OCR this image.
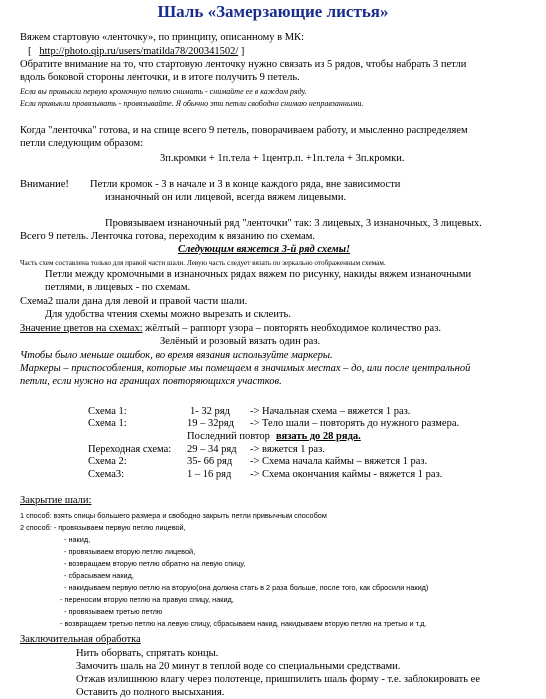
Шаль «Замерзающие листья»
Вяжем стартовую «ленточку», по принципу, описанному в МК:
[ http://photo.qip.ru/users/matilda78/200341502/ ]
Обратите внимание на то, что стартовую ленточку нужно связать из 5 рядов, чтобы набрать 3 петли
вдоль боковой стороны ленточки, и в итоге получить 9 петель.
Если вы привыкли первую кромочную петлю снимать - снимайте ее в каждом ряду.
Если привыкли провязывать - провязывайте. Я обычно эти петли свободно снимаю неправзанными.
Когда "ленточка" готова, и на спице всего 9 петель, поворачиваем работу, и мысленно распределяем
петли следующим образом:
3п.кромки + 1п.тела + 1центр.п. +1п.тела + 3п.кромки.
Внимание! Петли кромок - 3 в начале и 3 в конце каждого ряда, вне зависимости
изнаночный он или лицевой, всегда вяжем лицевыми.
Провязываем изнаночный ряд "ленточки" так: 3 лицевых, 3 изнаночных, 3 лицевых.
Всего 9 петель. Ленточка готова, переходим к вязанию по схемам.
Следующим вяжется 3-й ряд схемы!
Часть схем составлена только для правой части шали. Левую часть следует вязать по зеркально отображенным схемам.
Петли между кромочными в изнаночных рядах вяжем по рисунку, накиды вяжем изнаночными
петлями, в лицевых - по схемам.
Схема2 шали дана для левой и правой части шали.
Для удобства чтения схемы можно вырезать и склеить.
Значение цветов на схемах: жёлтый – раппорт узора – повторять необходимое количество раз.
Зелёный и розовый вязать один раз.
Чтобы было меньше ошибок, во время вязания используйте маркеры.
Маркеры – приспособления, которые мы помещаем в значимых местах – до, или после центральной
петли, если нужно на границах повторяющихся участков.
Схема 1:	1- 32 ряд -> Начальная схема – вяжется 1 раз.
Схема 1:	19 – 32ряд -> Тело шали – повторять до нужного размера.
Последний повтор вязать до 28 ряда.
Переходная схема: 29 – 34 ряд -> вяжется 1 раз.
Схема 2:	35- 66 ряд -> Схема начала каймы – вяжется 1 раз.
Схема3:	1 – 16 ряд -> Схема окончания каймы - вяжется 1 раз.
Закрытие шали:
1 способ: взять спицы большего размера и свободно закрыть петли привычным способом
2 способ: - провязываем первую петлю лицевой,
- накид,
- провязываем вторую петлю лицевой,
- возвращаем вторую петлю обратно на левую спицу,
- сбрасываем накид,
- накидываем первую петлю на вторую(она должна стать в 2 раза больше, после того, как сбросили накид)
- переносим вторую петлю на правую спицу, накид,
- провязываем третью петлю
- возвращаем третью петлю на левую спицу, сбрасываем накид, накидываем вторую петлю на третью и т.д.
Заключительная обработка
Нить оборвать, спрятать концы.
Замочить шаль на 20 минут в теплой воде со специальными средствами.
Отжав излишнюю влагу через полотенце, пришпилить шаль форму - т.е. заблокировать ее
Оставить до полного высыхания.
